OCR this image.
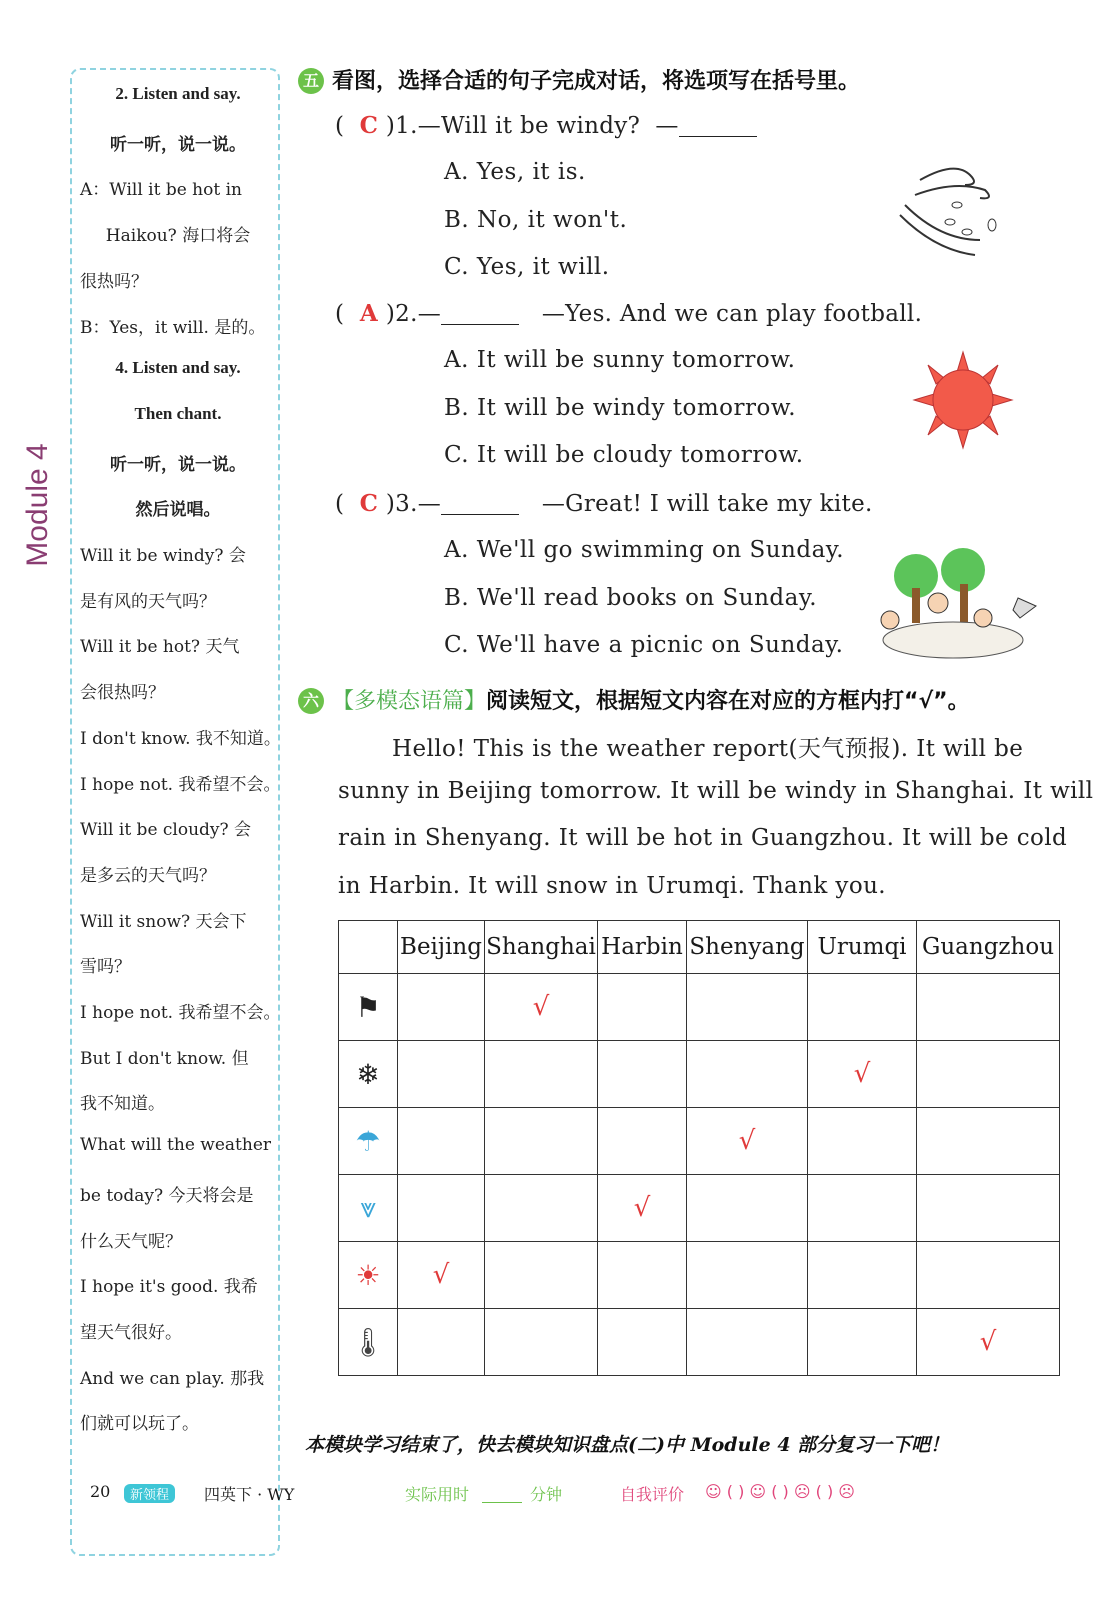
Module 4
2. Listen and say.
听一听，说一说。
A：Will it be hot in
Haikou? 海口将会
很热吗？
B：Yes，it will. 是的。
4. Listen and say.
Then chant.
听一听，说一说。
然后说唱。
Will it be windy? 会
是有风的天气吗？
Will it be hot? 天气
会很热吗？
I don't know. 我不知道。
I hope not. 我希望不会。
Will it be cloudy? 会
是多云的天气吗？
Will it snow? 天会下
雪吗？
I hope not. 我希望不会。
But I don't know. 但
我不知道。
What will the weather
be today? 今天将会是
什么天气呢？
I hope it's good. 我希
望天气很好。
And we can play. 那我
们就可以玩了。
五 看图，选择合适的句子完成对话，将选项写在括号里。
( C )1.—Will it be windy?  —
A. Yes, it is.
B. No, it won't.
C. Yes, it will.
( A )2.—	—Yes. And we can play football.
A. It will be sunny tomorrow.
B. It will be windy tomorrow.
C. It will be cloudy tomorrow.
( C )3.—	—Great! I will take my kite.
A. We'll go swimming on Sunday.
B. We'll read books on Sunday.
C. We'll have a picnic on Sunday.
六 【多模态语篇】阅读短文，根据短文内容在对应的方框内打“√”。
Hello! This is the weather report(天气预报). It will be
sunny in Beijing tomorrow. It will be windy in Shanghai. It will
rain in Shenyang. It will be hot in Guangzhou. It will be cold
in Harbin. It will snow in Urumqi. Thank you.
	Beijing	Shanghai	Harbin	Shenyang	Urumqi	Guangzhou
⚑		√				
❄					√	
☂				√		
⩔			√			
☀	√					
🌡						√
本模块学习结束了，快去模块知识盘点(二)中 Module 4 部分复习一下吧！
20	新领程	四英下 · WY	实际用时	分钟	自我评价 ☺ ( ) ☺ ( ) ☹ ( ) ☹
